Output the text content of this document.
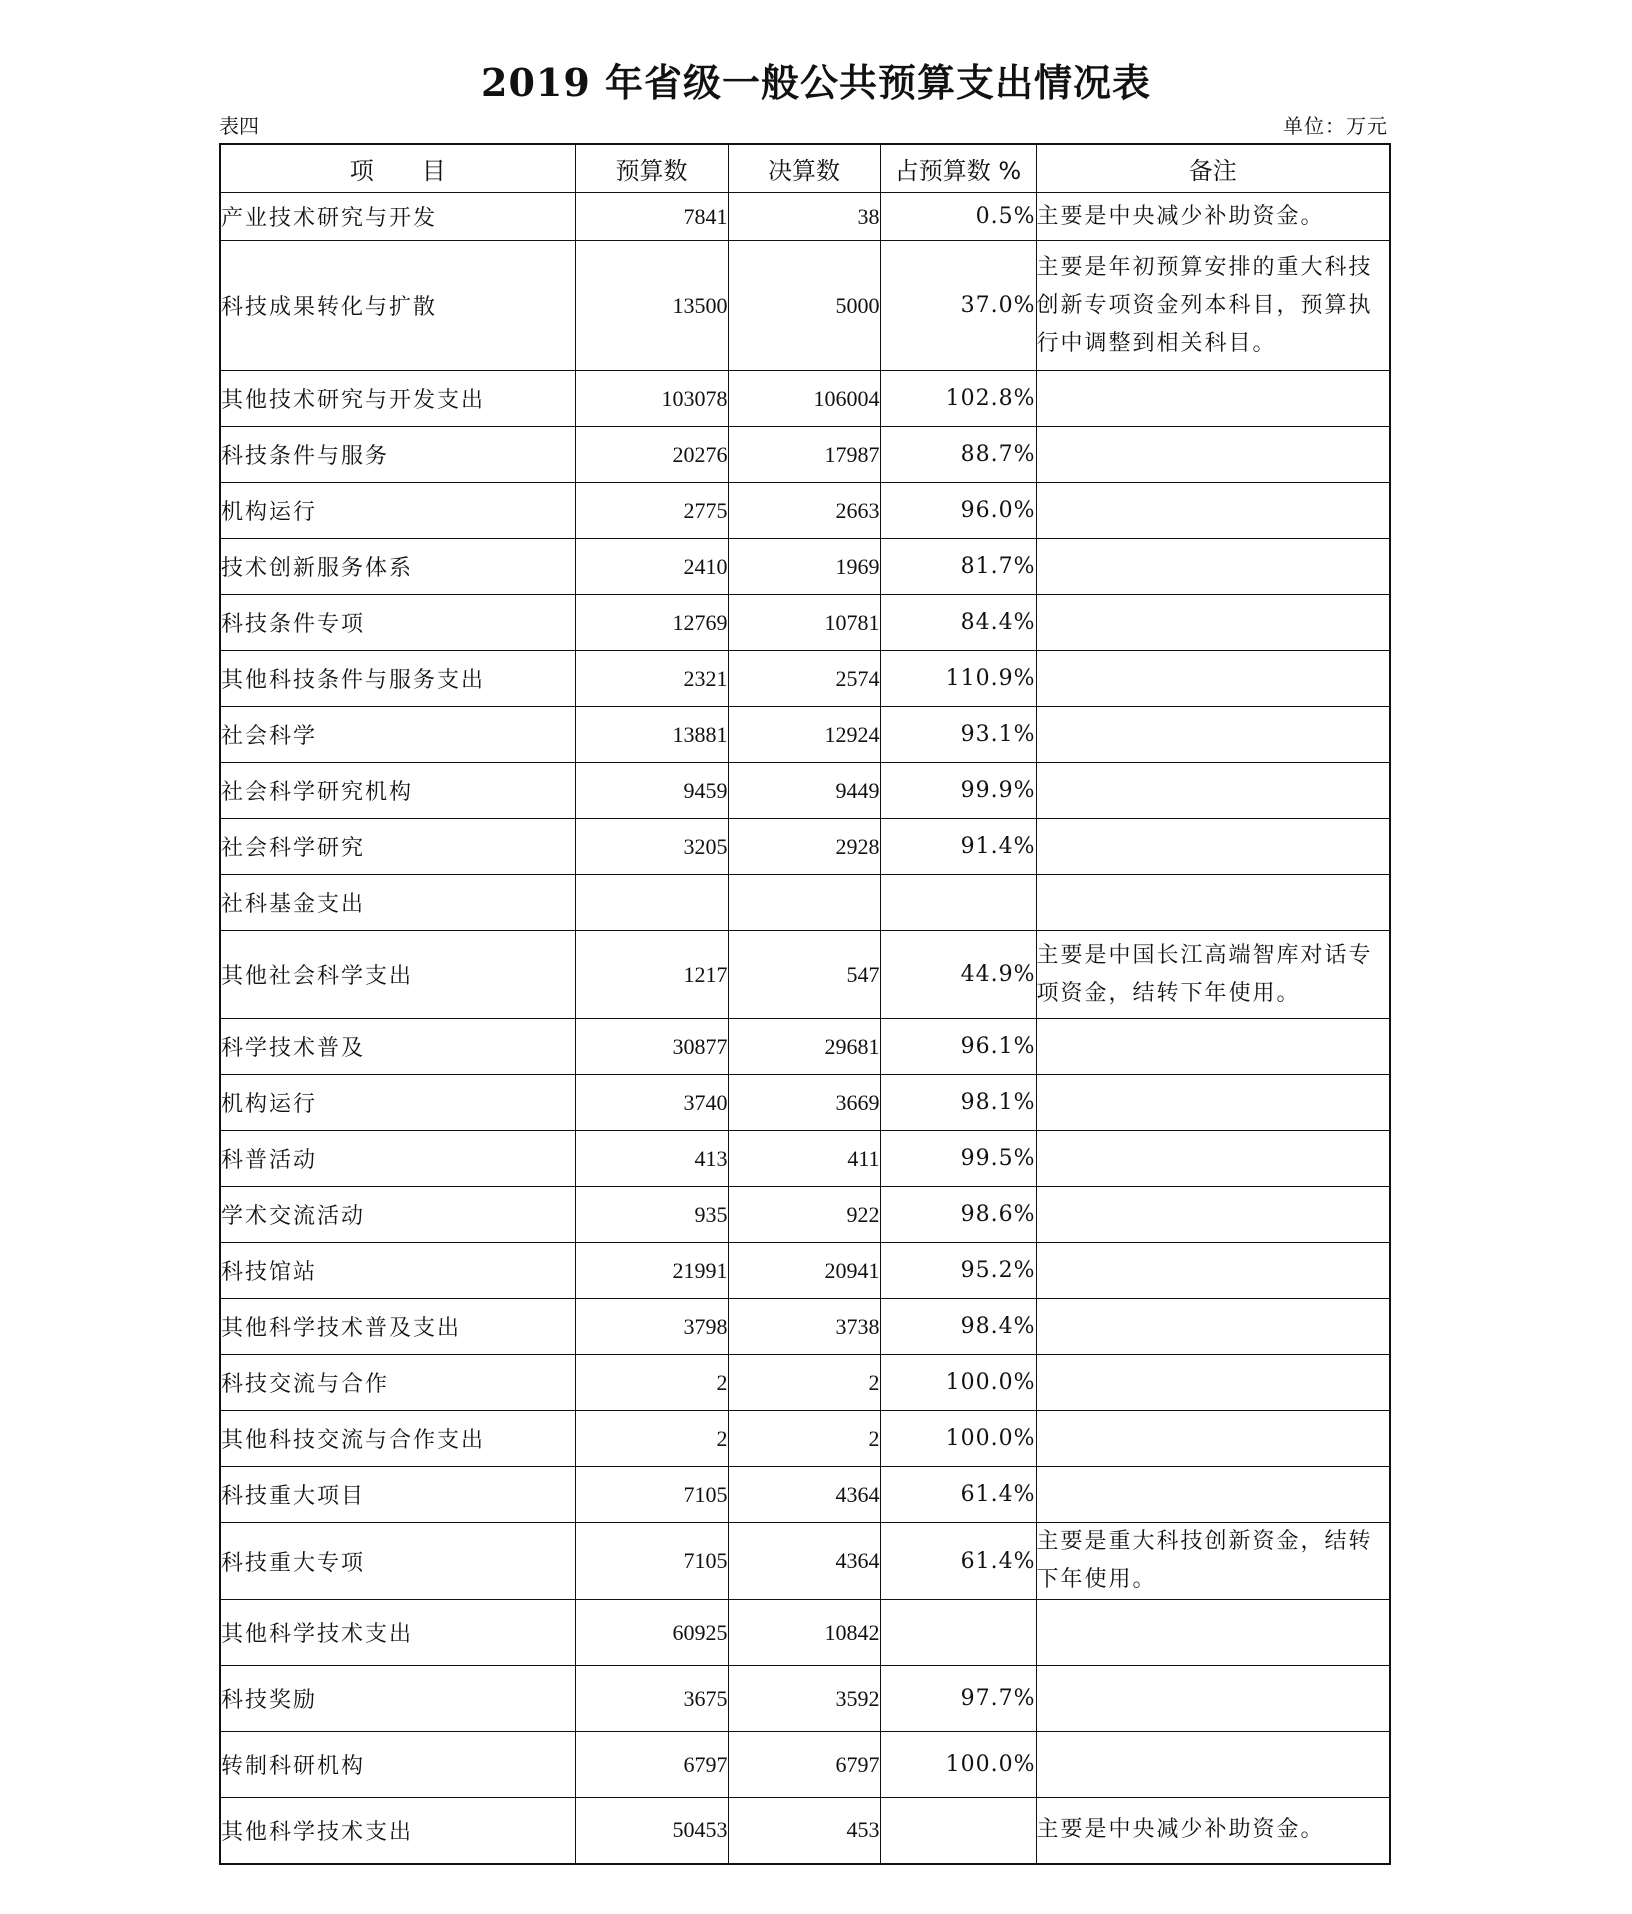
2019 年省级一般公共预算支出情况表
表四	单位：万元
项　　目	预算数	决算数	占预算数 %	备注
产业技术研究与开发	7841	38	0.5%	主要是中央减少补助资金。
科技成果转化与扩散	13500	5000	37.0%	主要是年初预算安排的重大科技创新专项资金列本科目，预算执行中调整到相关科目。
其他技术研究与开发支出	103078	106004	102.8%	
科技条件与服务	20276	17987	88.7%	
机构运行	2775	2663	96.0%	
技术创新服务体系	2410	1969	81.7%	
科技条件专项	12769	10781	84.4%	
其他科技条件与服务支出	2321	2574	110.9%	
社会科学	13881	12924	93.1%	
社会科学研究机构	9459	9449	99.9%	
社会科学研究	3205	2928	91.4%	
社科基金支出				
其他社会科学支出	1217	547	44.9%	主要是中国长江高端智库对话专项资金，结转下年使用。
科学技术普及	30877	29681	96.1%	
机构运行	3740	3669	98.1%	
科普活动	413	411	99.5%	
学术交流活动	935	922	98.6%	
科技馆站	21991	20941	95.2%	
其他科学技术普及支出	3798	3738	98.4%	
科技交流与合作	2	2	100.0%	
其他科技交流与合作支出	2	2	100.0%	
科技重大项目	7105	4364	61.4%	
科技重大专项	7105	4364	61.4%	主要是重大科技创新资金，结转下年使用。
其他科学技术支出	60925	10842		
科技奖励	3675	3592	97.7%	
转制科研机构	6797	6797	100.0%	
其他科学技术支出	50453	453		主要是中央减少补助资金。
